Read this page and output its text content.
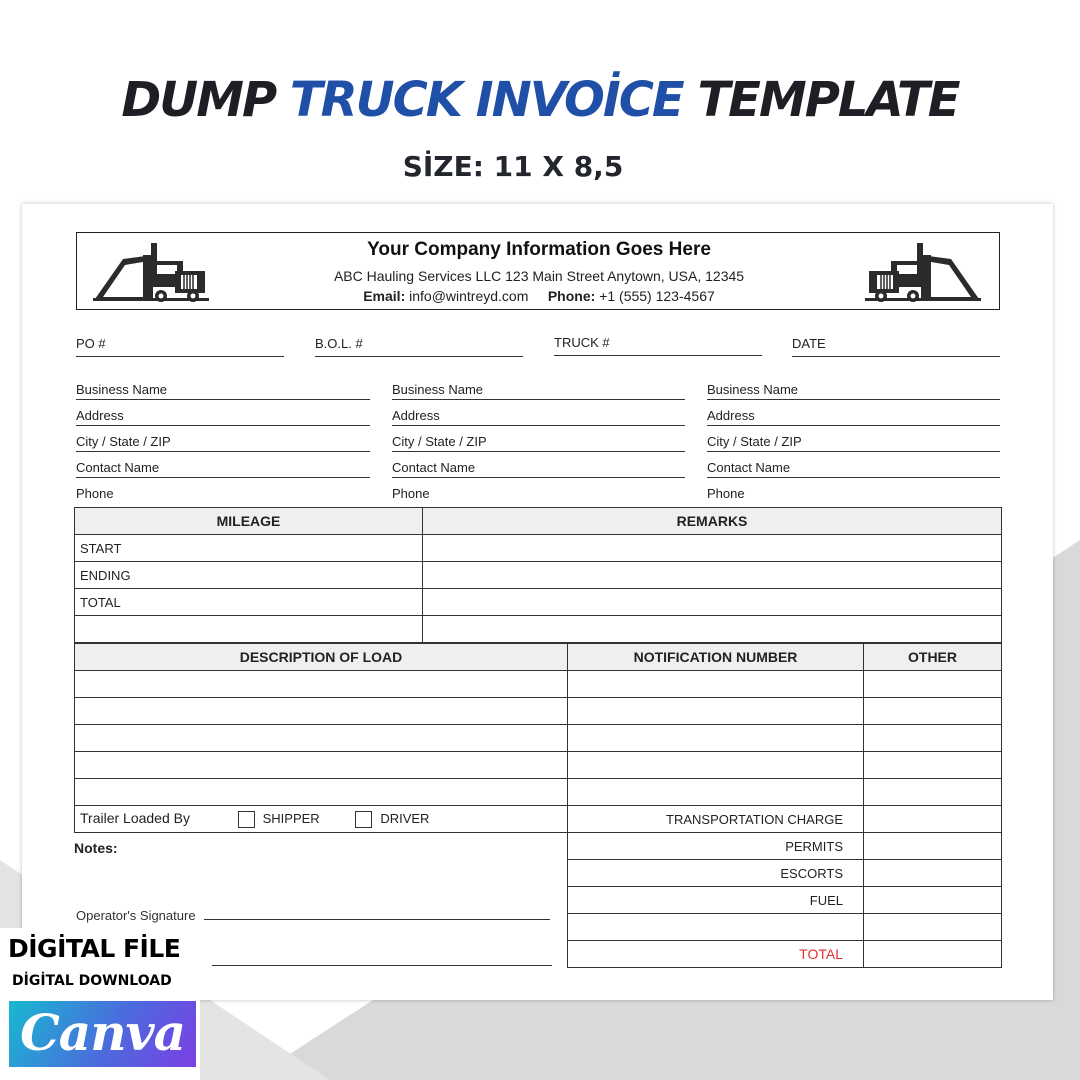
DUMP TRUCK INVOİCE TEMPLATE
SİZE: 11 X 8,5
Your Company Information Goes Here
ABC Hauling Services LLC 123 Main Street Anytown, USA, 12345
Email: info@wintreyd.com Phone: +1 (555) 123-4567
PO #	B.O.L. #	TRUCK #	DATE
Business Name
Address
City / State / ZIP
Contact Name
Phone
Business Name
Address
City / State / ZIP
Contact Name
Phone
Business Name
Address
City / State / ZIP
Contact Name
Phone
MILEAGE	REMARKS
START	
ENDING	
TOTAL	

DESCRIPTION OF LOAD	NOTIFICATION NUMBER	OTHER

Trailer Loaded By SHIPPER DRIVER	TRANSPORTATION CHARGE	
	PERMITS	
	ESCORTS	
	FUEL	

	TOTAL	
Notes:
Operator's Signature
DİGİTAL FİLE
DİGİTAL DOWNLOAD
Canva
